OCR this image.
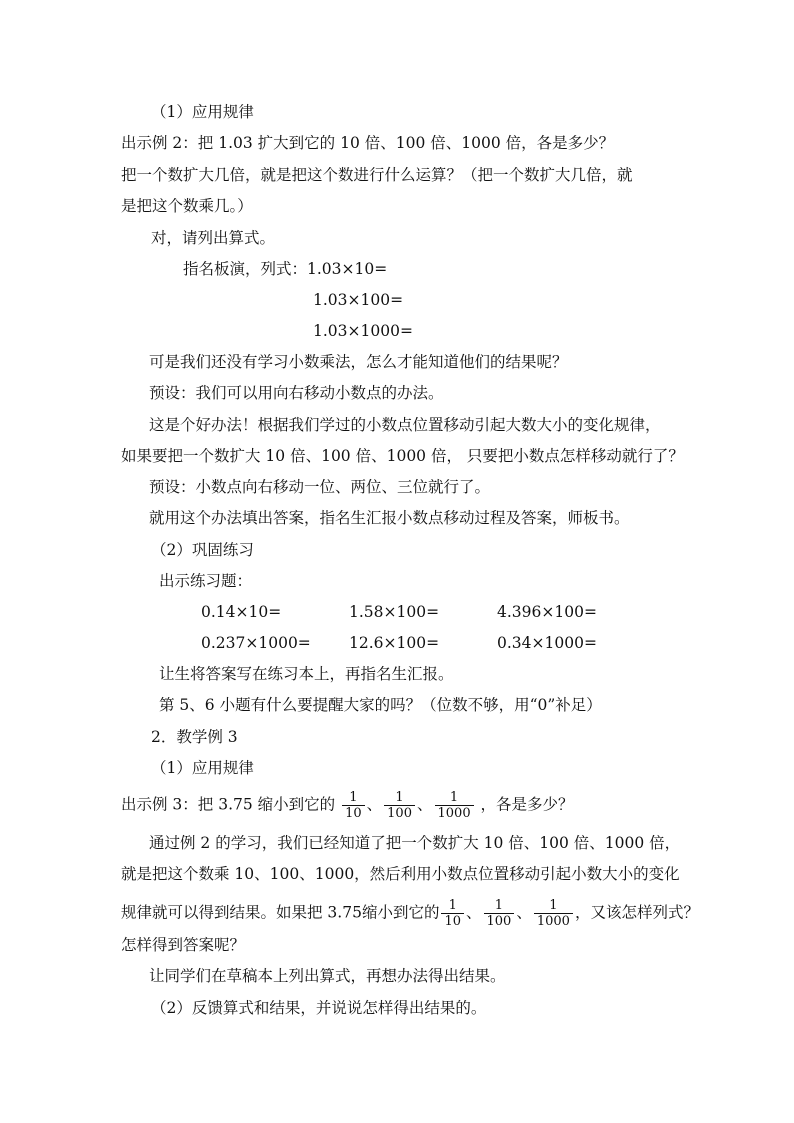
（1）应用规律
出示例 2：把 1.03 扩大到它的 10 倍、100 倍、1000 倍，各是多少？
把一个数扩大几倍，就是把这个数进行什么运算？（把一个数扩大几倍，就
是把这个数乘几。）
对，请列出算式。
指名板演，列式：1.03×10=
1.03×100=
1.03×1000=
可是我们还没有学习小数乘法，怎么才能知道他们的结果呢？
预设：我们可以用向右移动小数点的办法。
这是个好办法！根据我们学过的小数点位置移动引起大数大小的变化规律，
如果要把一个数扩大 10 倍、100 倍、1000 倍， 只要把小数点怎样移动就行了？
预设：小数点向右移动一位、两位、三位就行了。
就用这个办法填出答案，指名生汇报小数点移动过程及答案，师板书。
（2）巩固练习
出示练习题：
0.14×10=	1.58×100=	4.396×100=
0.237×1000= 12.6×100=	0.34×1000=
让生将答案写在练习本上，再指名生汇报。
第 5、6 小题有什么要提醒大家的吗？（位数不够，用“0”补足）
2．教学例 3
（1）应用规律
出示例 3：把 3.75 缩小到它的 $\frac{1}{10}$ 、 $\frac{1}{100}$ 、 $\frac{1}{1000}$ ，各是多少？
通过例 2 的学习，我们已经知道了把一个数扩大 10 倍、100 倍、1000 倍，
就是把这个数乘 10、100、1000，然后利用小数点位置移动引起小数大小的变化
规律就可以得到结果。如果把 3.75缩小到它的 $\frac{1}{10}$ 、 $\frac{1}{100}$ 、 $\frac{1}{1000}$ ，又该怎样列式？
怎样得到答案呢？
让同学们在草稿本上列出算式，再想办法得出结果。
（2）反馈算式和结果，并说说怎样得出结果的。
